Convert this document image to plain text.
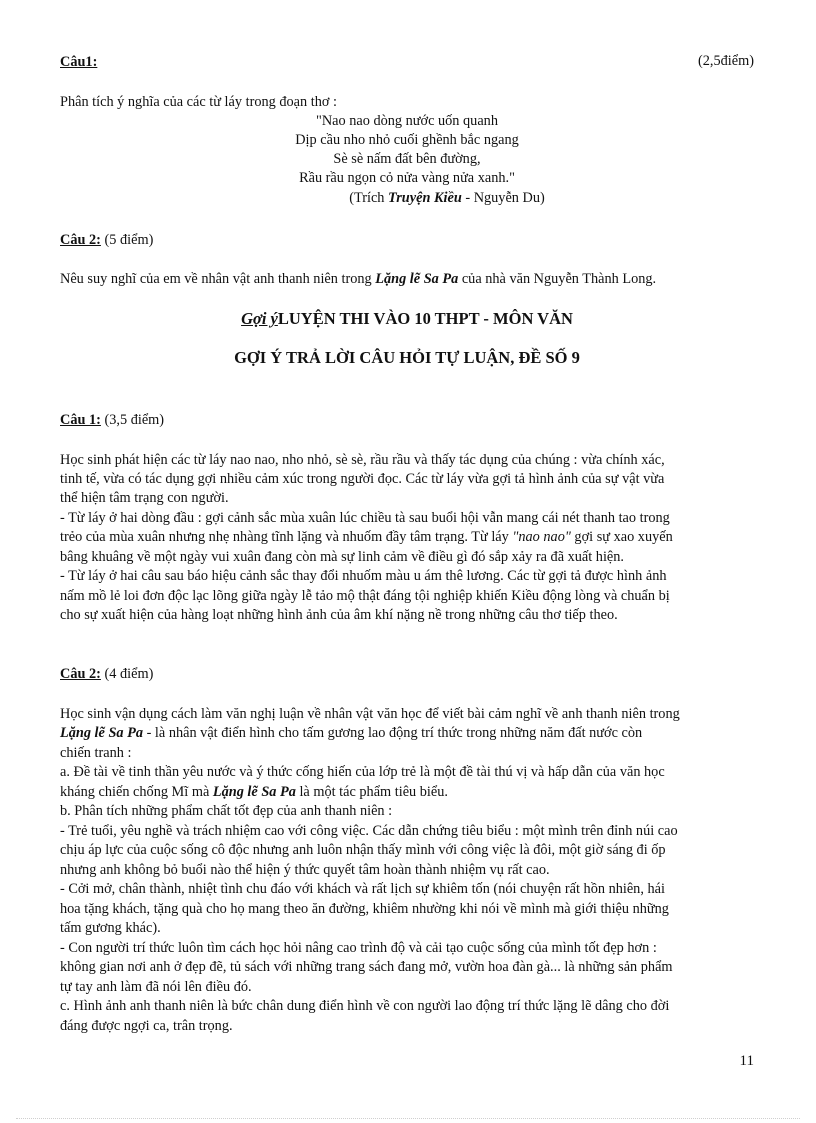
Câu1:	(2,5điểm)
Phân tích ý nghĩa của các từ láy trong đoạn thơ :
"Nao nao dòng nước uốn quanh
Dịp cầu nho nhỏ cuối ghềnh bắc ngang
Sè sè nấm đất bên đường,
Rầu rầu ngọn cỏ nửa vàng nửa xanh."
(Trích Truyện Kiều - Nguyễn Du)
Câu 2: (5 điểm)
Nêu suy nghĩ của em về nhân vật anh thanh niên trong Lặng lẽ Sa Pa của nhà văn Nguyễn Thành Long.
Gợi ýLUYỆN THI VÀO 10 THPT - MÔN VĂN
GỢI Ý TRẢ LỜI CÂU HỎI TỰ LUẬN, ĐỀ SỐ 9
Câu 1: (3,5 điểm)
Học sinh phát hiện các từ láy nao nao, nho nhỏ, sè sè, rầu rầu và thấy tác dụng của chúng : vừa chính xác,
tinh tế, vừa có tác dụng gợi nhiều cảm xúc trong người đọc. Các từ láy vừa gợi tả hình ảnh của sự vật vừa
thể hiện tâm trạng con người.
- Từ láy ở hai dòng đầu : gợi cảnh sắc mùa xuân lúc chiều tà sau buổi hội vẫn mang cái nét thanh tao trong
trẻo của mùa xuân nhưng nhẹ nhàng tĩnh lặng và nhuốm đầy tâm trạng. Từ láy "nao nao" gợi sự xao xuyến
bâng khuâng về một ngày vui xuân đang còn mà sự linh cảm về điều gì đó sắp xảy ra đã xuất hiện.
- Từ láy ở hai câu sau báo hiệu cảnh sắc thay đổi nhuốm màu u ám thê lương. Các từ gợi tả được hình ảnh
nấm mồ lẻ loi đơn độc lạc lõng giữa ngày lễ tảo mộ thật đáng tội nghiệp khiến Kiều động lòng và chuẩn bị
cho sự xuất hiện của hàng loạt những hình ảnh của âm khí nặng nề trong những câu thơ tiếp theo.
Câu 2: (4 điểm)
Học sinh vận dụng cách làm văn nghị luận về nhân vật văn học để viết bài cảm nghĩ về anh thanh niên trong
Lặng lẽ Sa Pa - là nhân vật điển hình cho tấm gương lao động trí thức trong những năm đất nước còn
chiến tranh :
a. Đề tài về tinh thần yêu nước và ý thức cống hiến của lớp trẻ là một đề tài thú vị và hấp dẫn của văn học
kháng chiến chống Mĩ mà Lặng lẽ Sa Pa là một tác phẩm tiêu biểu.
b. Phân tích những phẩm chất tốt đẹp của anh thanh niên :
- Trẻ tuổi, yêu nghề và trách nhiệm cao với công việc. Các dẫn chứng tiêu biểu : một mình trên đỉnh núi cao
chịu áp lực của cuộc sống cô độc nhưng anh luôn nhận thấy mình với công việc là đôi, một giờ sáng đi ốp
nhưng anh không bỏ buổi nào thể hiện ý thức quyết tâm hoàn thành nhiệm vụ rất cao.
- Cởi mở, chân thành, nhiệt tình chu đáo với khách và rất lịch sự khiêm tốn (nói chuyện rất hồn nhiên, hái
hoa tặng khách, tặng quà cho họ mang theo ăn đường, khiêm nhường khi nói về mình mà giới thiệu những
tấm gương khác).
- Con người trí thức luôn tìm cách học hỏi nâng cao trình độ và cải tạo cuộc sống của mình tốt đẹp hơn :
không gian nơi anh ở đẹp đẽ, tủ sách với những trang sách đang mở, vườn hoa đàn gà... là những sản phẩm
tự tay anh làm đã nói lên điều đó.
c. Hình ảnh anh thanh niên là bức chân dung điển hình về con người lao động trí thức lặng lẽ dâng cho đời
đáng được ngợi ca, trân trọng.
11
